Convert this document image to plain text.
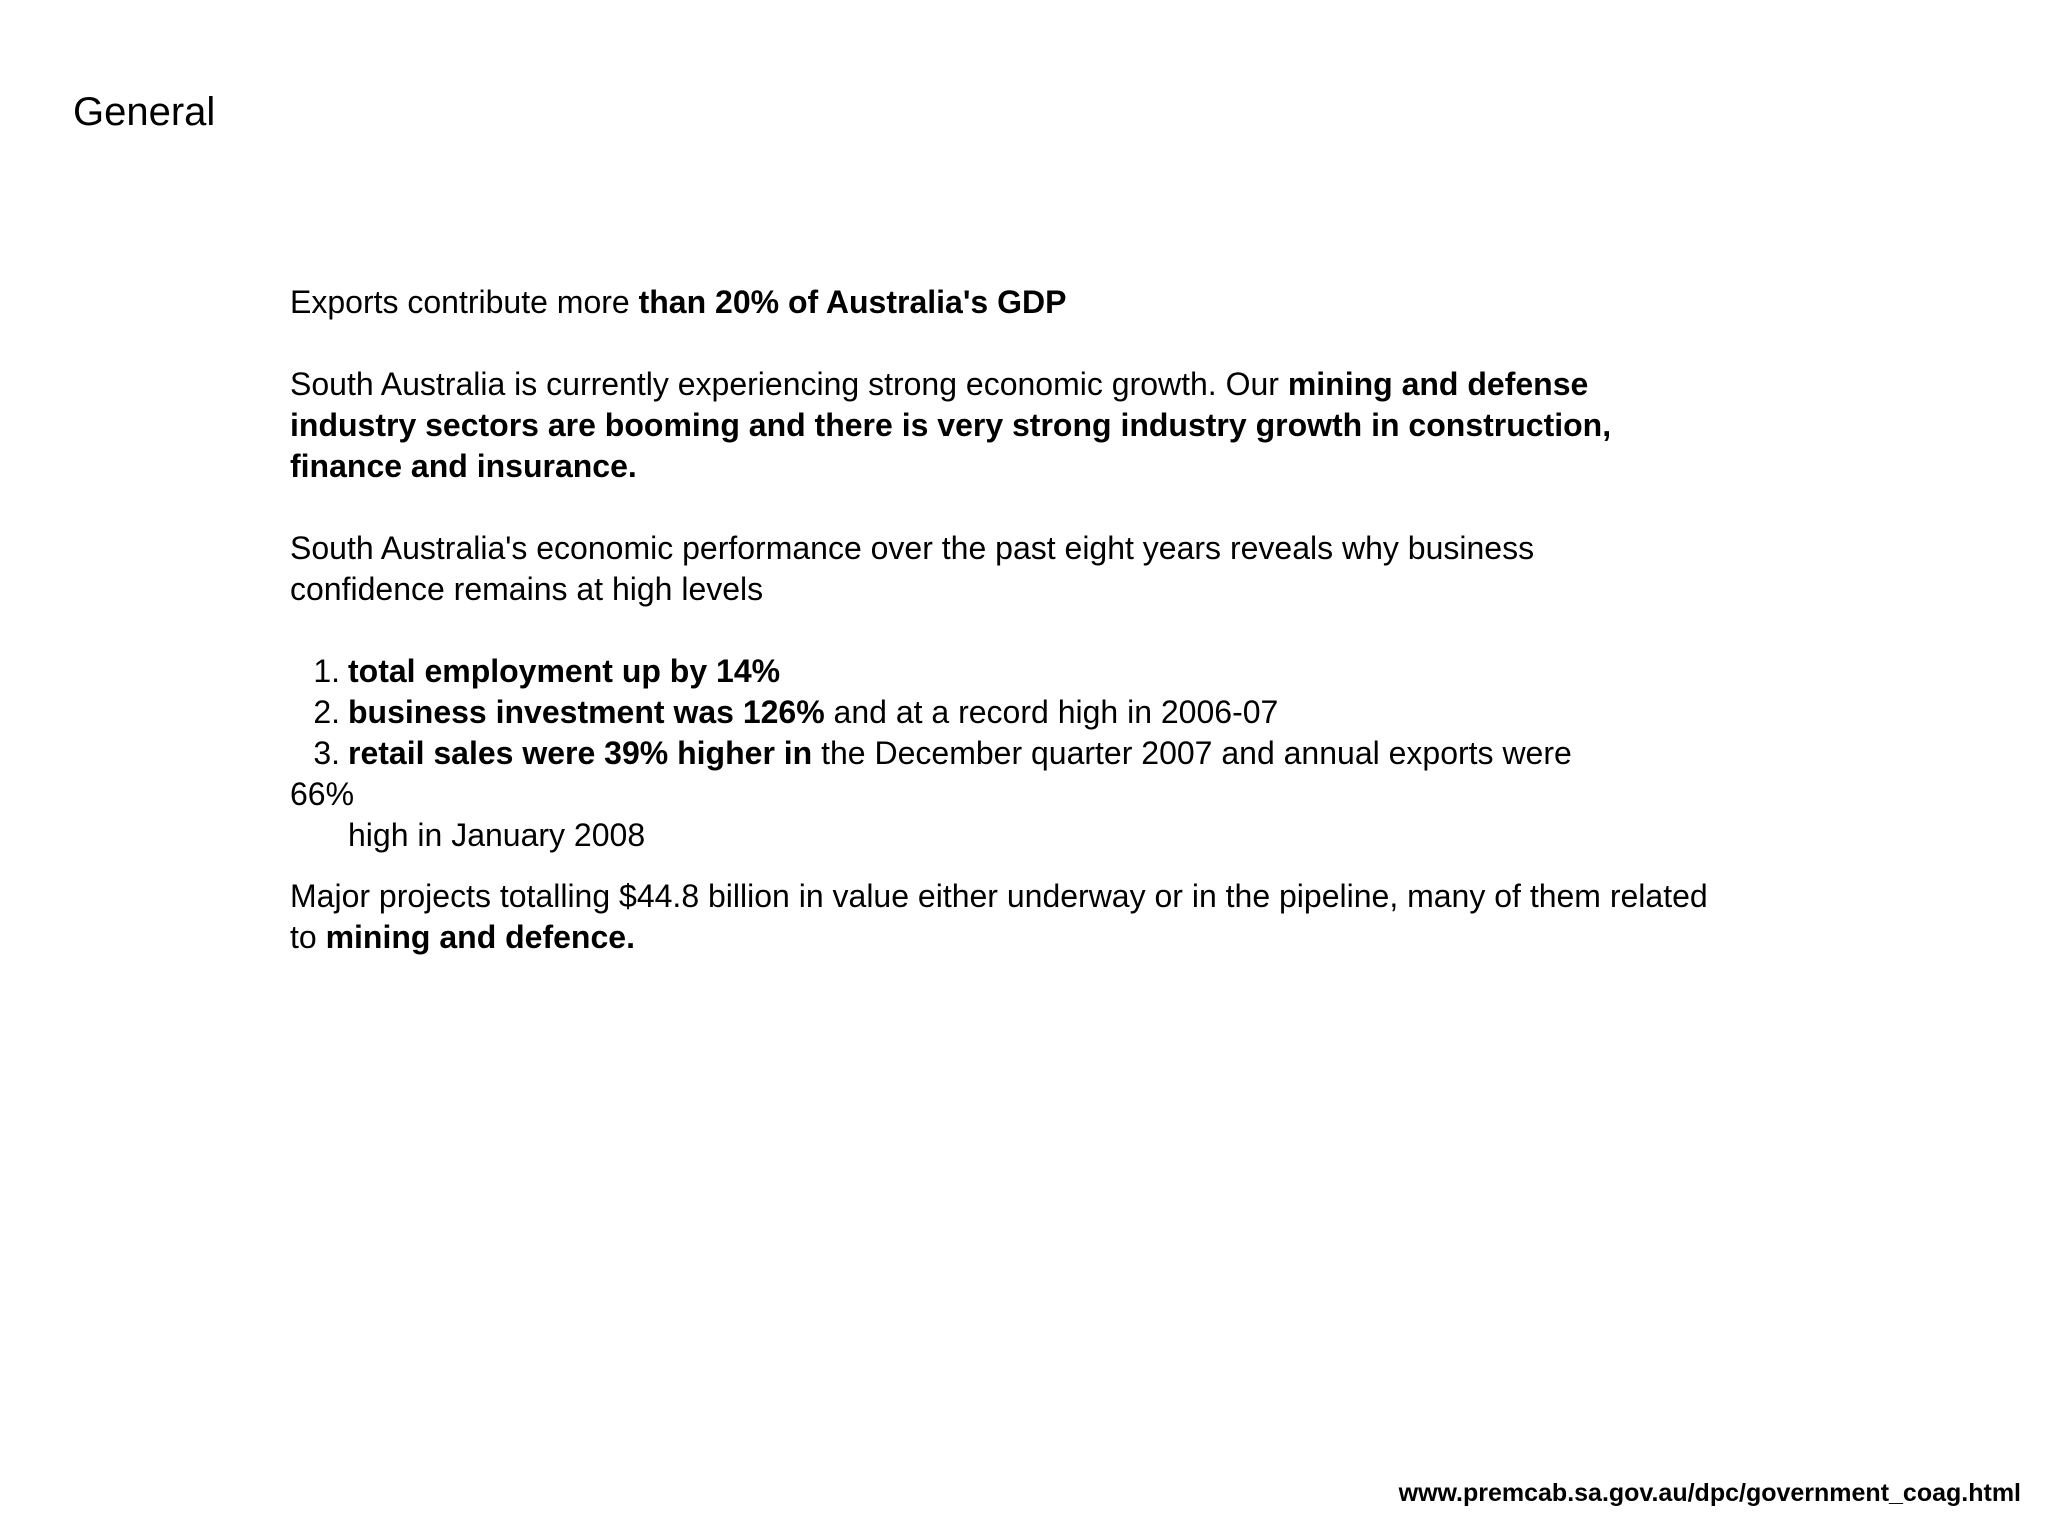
General

Exports contribute more than 20% of Australia's GDP

South Australia is currently experiencing strong economic growth. Our mining and defense
industry sectors are booming and there is very strong industry growth in construction,
finance and insurance.
South Australia's economic performance over the past eight years reveals why business
confidence remains at high levels
1. total employment up by 14%
2. business investment was 126% and at a record high in 2006-07
3. retail sales were 39% higher in the December quarter 2007 and annual exports were
66%
high in January 2008
Major projects totalling $44.8 billion in value either underway or in the pipeline, many of them related
to mining and defence.
www.premcab.sa.gov.au/dpc/government_coag.html
